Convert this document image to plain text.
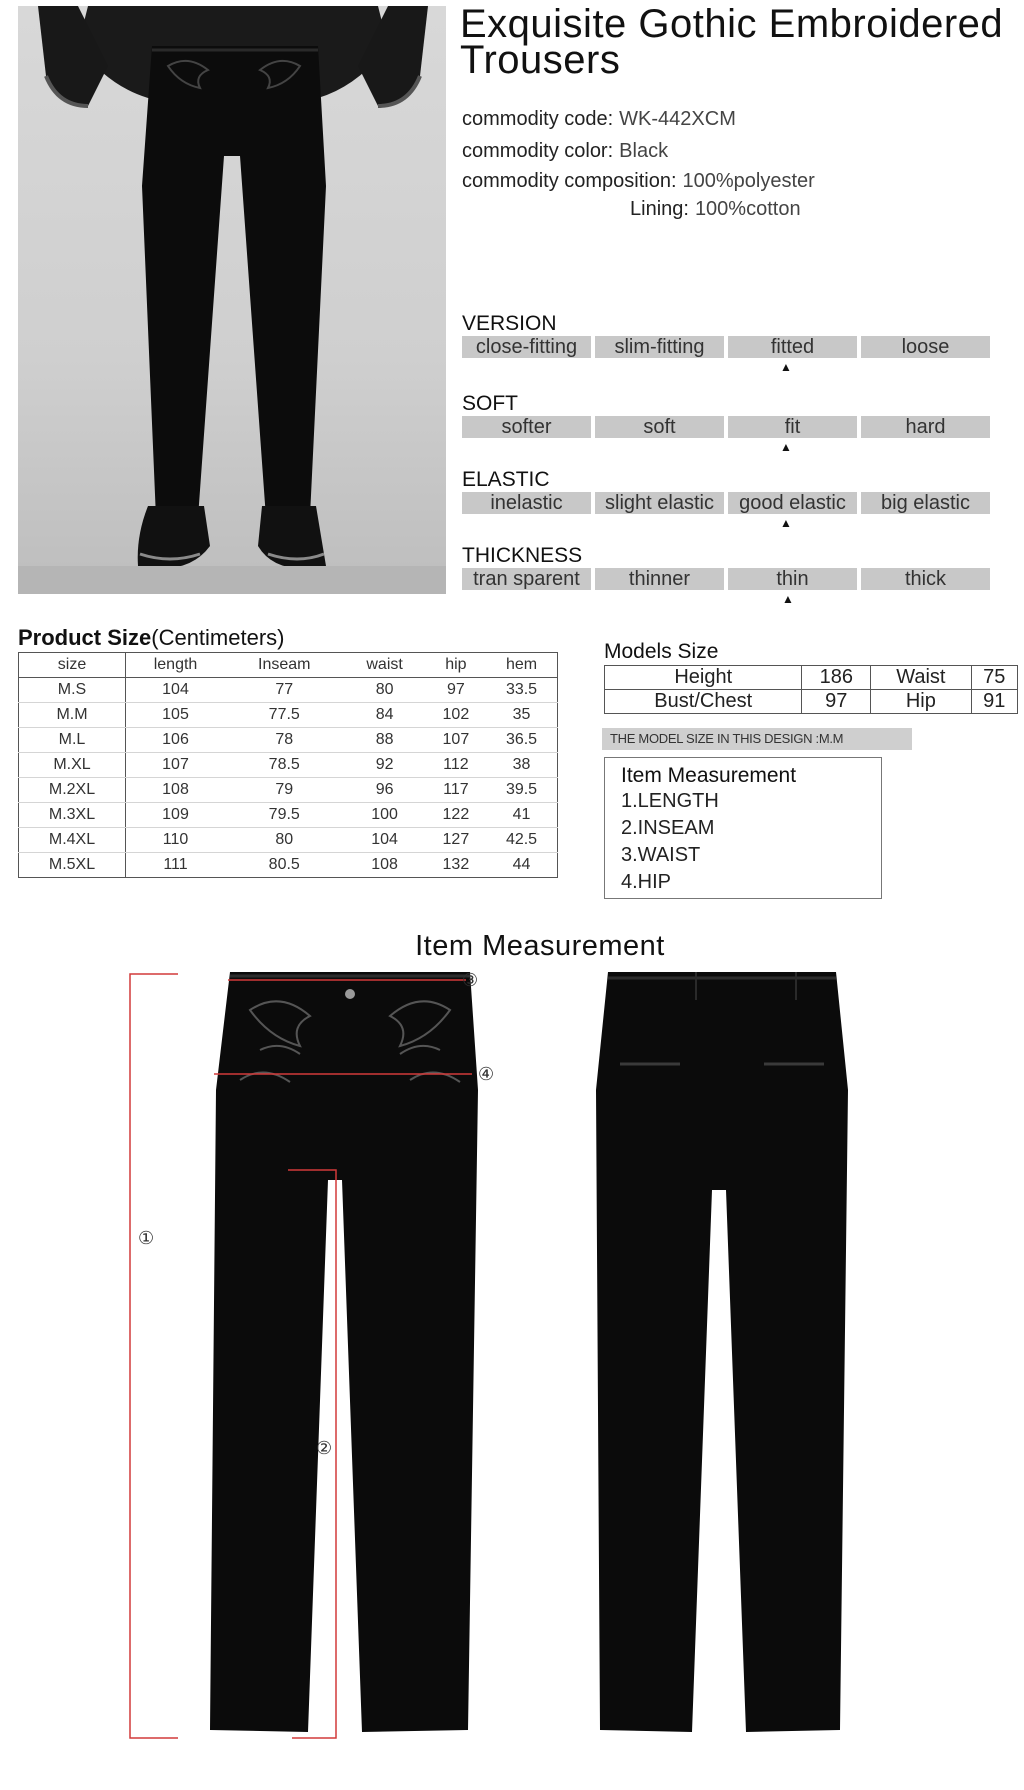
Exquisite Gothic Embroidered Trousers
commodity code: WK-442XCM
commodity color: Black
commodity composition: 100%polyester
Lining: 100%cotton
VERSION
close-fitting	slim-fitting	fitted	loose
▲
SOFT
softer	soft	fit	hard
▲
ELASTIC
inelastic	slight elastic	good elastic	big elastic
▲
THICKNESS
tran sparent	thinner	thin	thick
▲
Product Size(Centimeters)
size	length	Inseam	waist	hip	hem
M.S	104	77	80	97	33.5
M.M	105	77.5	84	102	35
M.L	106	78	88	107	36.5
M.XL	107	78.5	92	112	38
M.2XL	108	79	96	117	39.5
M.3XL	109	79.5	100	122	41
M.4XL	110	80	104	127	42.5
M.5XL	111	80.5	108	132	44
Models Size
Height	186	Waist	75
Bust/Chest	97	Hip	91
THE MODEL SIZE IN THIS DESIGN :M.M
Item Measurement
1.LENGTH
2.INSEAM
3.WAIST
4.HIP
Item Measurement
①
②
③
④
